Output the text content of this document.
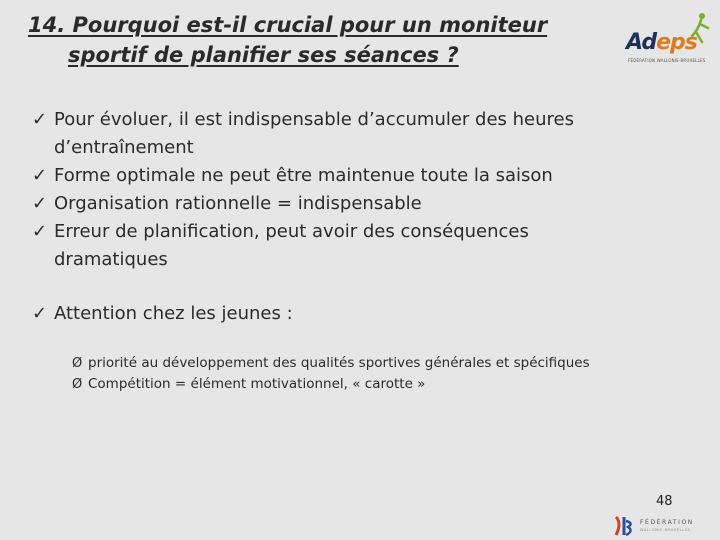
14. Pourquoi est-il crucial pour un moniteur
sportif de planifier ses séances ?	Adeps
FÉDÉRATION WALLONIE-BRUXELLES
✓ Pour évoluer, il est indispensable d’accumuler des heures d’entraînement
✓ Forme optimale ne peut être maintenue toute la saison
✓ Organisation rationnelle = indispensable
✓ Erreur de planification, peut avoir des conséquences dramatiques
✓ Attention chez les jeunes :
Ø priorité au développement des qualités sportives générales et spécifiques
Ø Compétition = élément motivationnel, « carotte »
48
FÉDÉRATION
WALLONIE-BRUXELLES
